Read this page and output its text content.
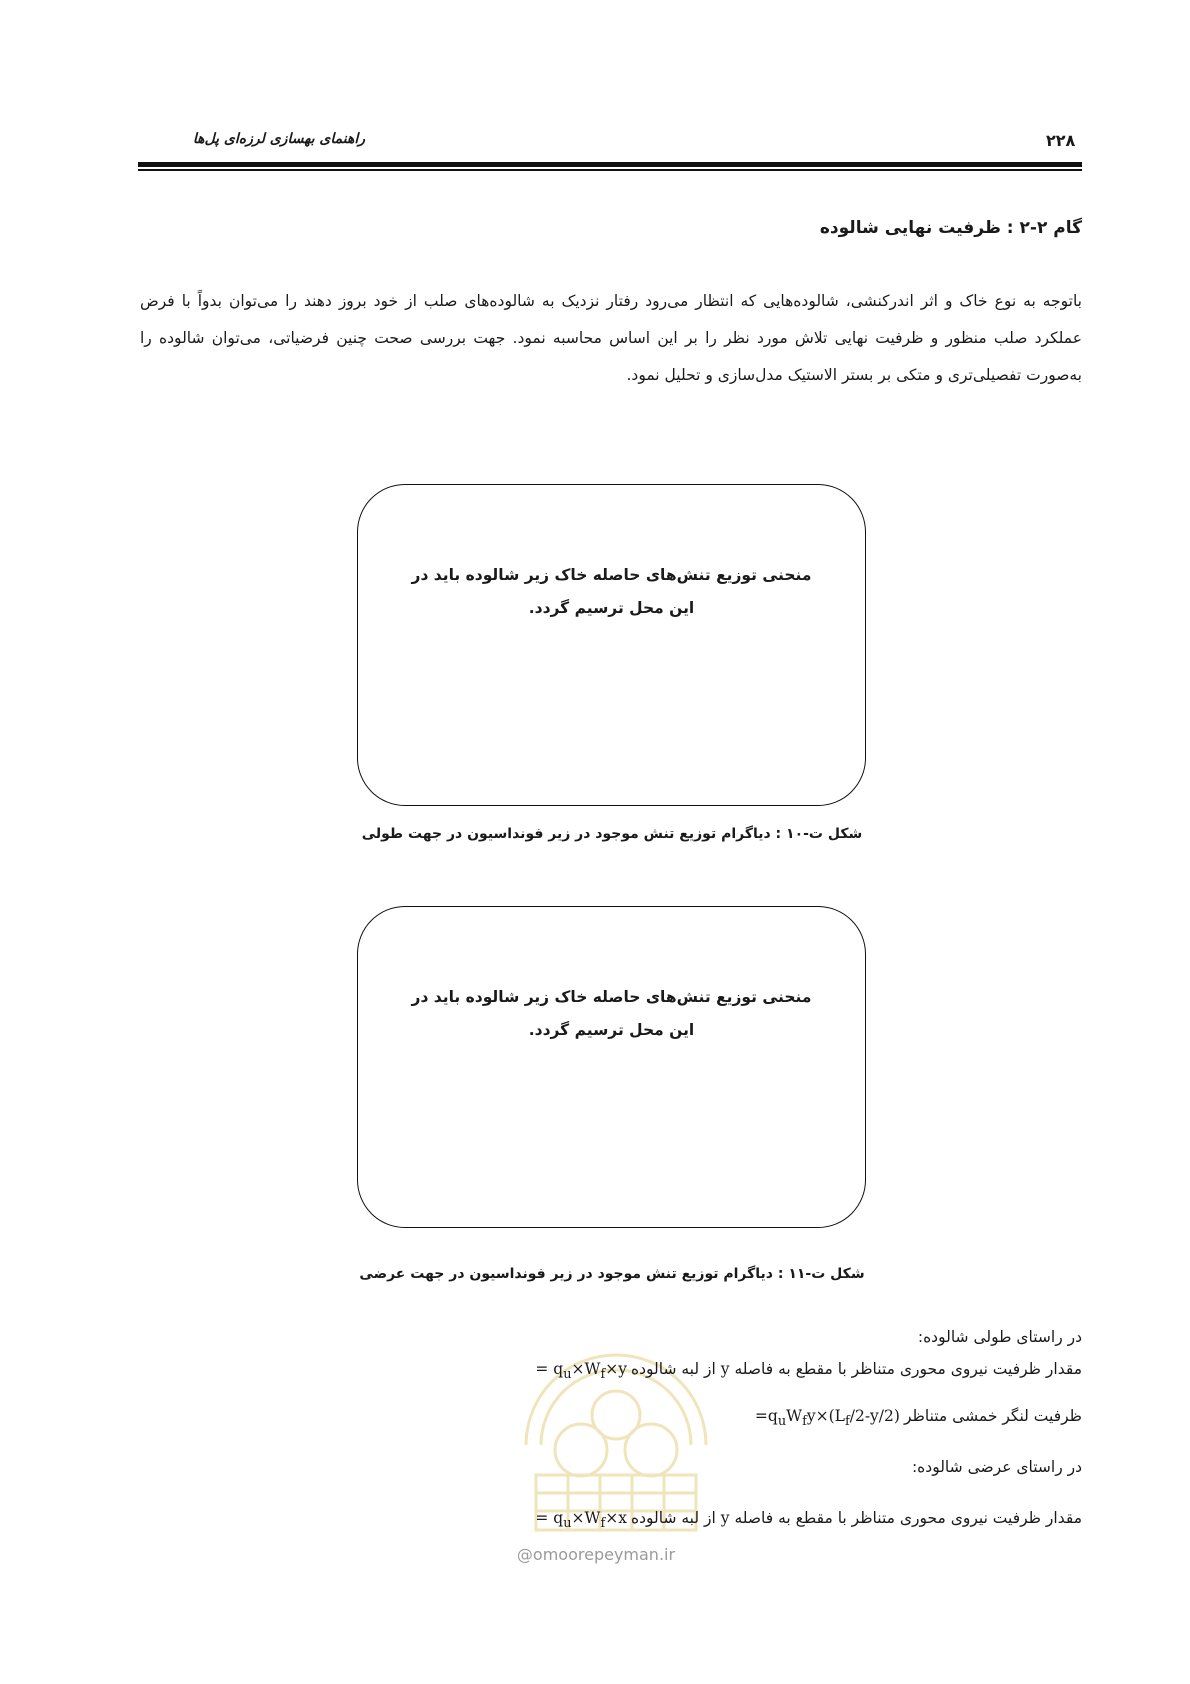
راهنمای بهسازی لرزه‌ای پل‌ها	۲۲۸
گام ۲-۲ : ظرفیت نهایی شالوده
باتوجه به نوع خاک و اثر اندرکنشی، شالوده‌هایی که انتظار می‌رود رفتار نزدیک به شالوده‌های صلب از خود بروز دهند را می‌توان بدواً با فرض عملکرد صلب منظور و ظرفیت نهایی تلاش مورد نظر را بر این اساس محاسبه نمود. جهت بررسی صحت چنین فرضیاتی، می‌توان شالوده را به‌صورت تفصیلی‌تری و متکی بر بستر الاستیک مدل‌سازی و تحلیل نمود.
منحنی توزیع تنش‌های حاصله خاک زیر شالوده باید در این محل ترسیم گردد.
شکل ت-۱۰ : دیاگرام توزیع تنش موجود در زیر فونداسیون در جهت طولی
منحنی توزیع تنش‌های حاصله خاک زیر شالوده باید در این محل ترسیم گردد.
شکل ت-۱۱ : دیاگرام توزیع تنش موجود در زیر فونداسیون در جهت عرضی
@omoorepeyman.ir
در راستای طولی شالوده:
مقدار ظرفیت نیروی محوری متناظر با مقطع به فاصله y از لبه شالوده
= $q_u\times W_f\times y$
ظرفیت لنگر خمشی متناظر
$=q_uW_fy\times(L_f/2-y/2)$
در راستای عرضی شالوده:
مقدار ظرفیت نیروی محوری متناظر با مقطع به فاصله y از لبه شالوده
= $q_u\times W_f\times x$
